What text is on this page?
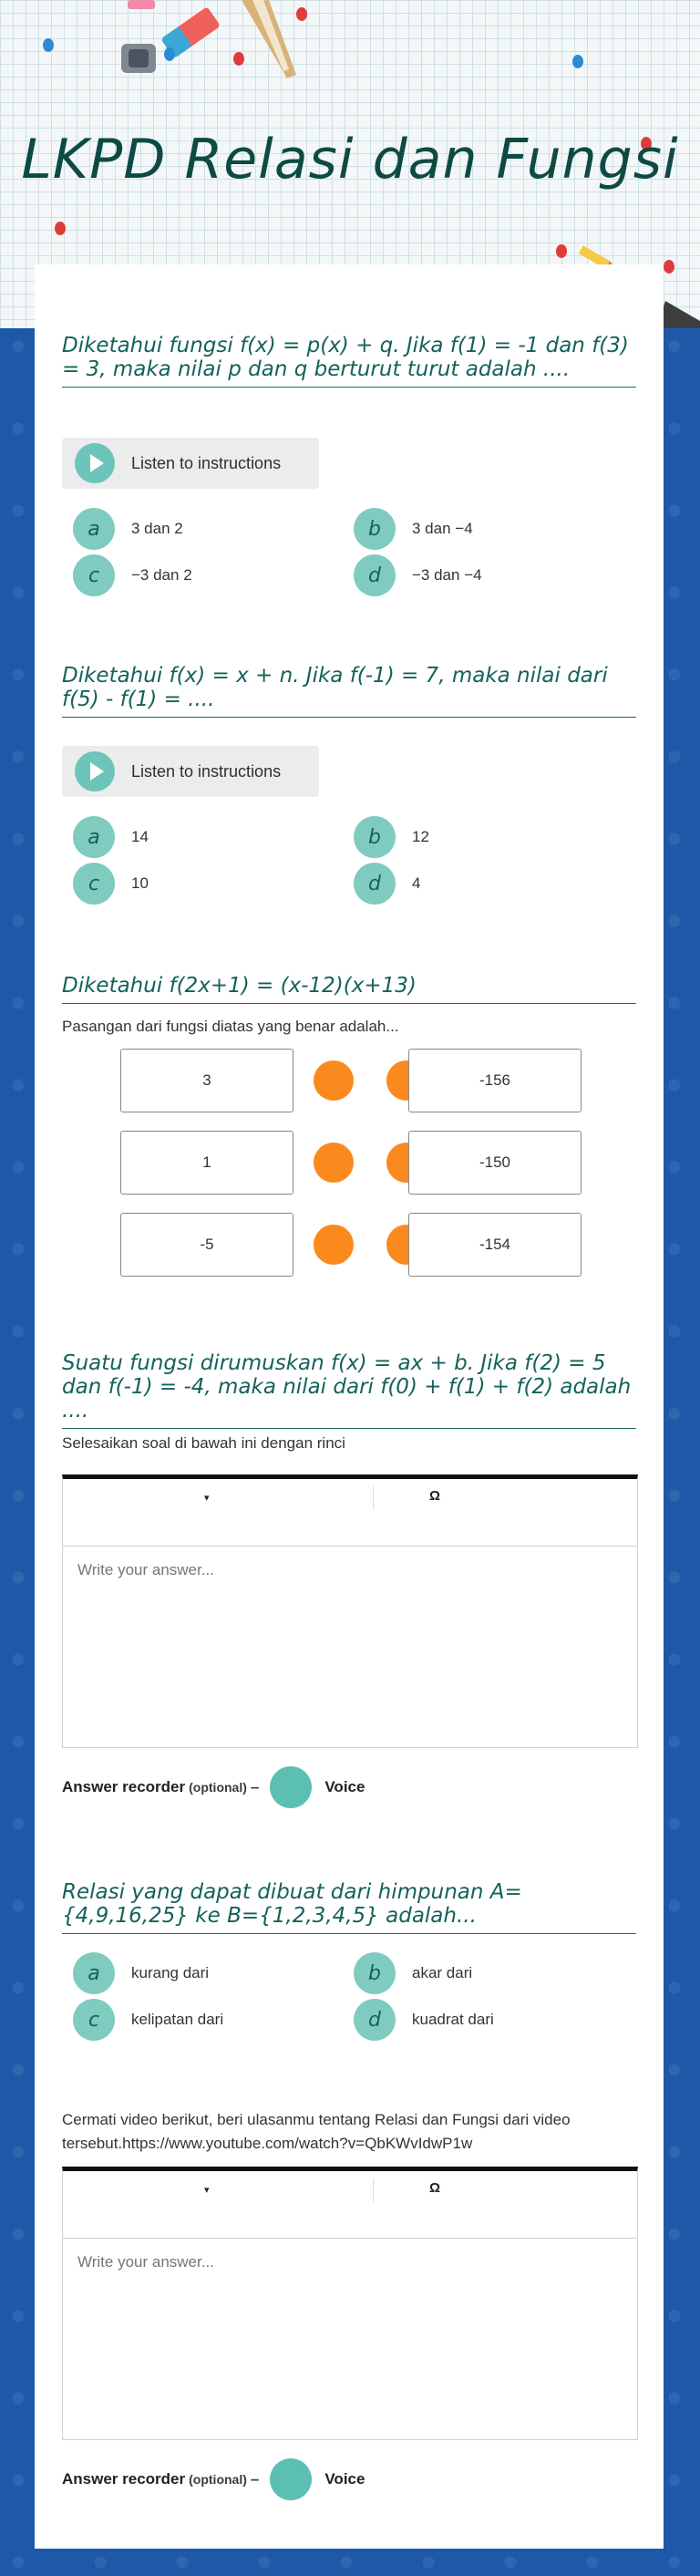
LKPD Relasi dan Fungsi
Diketahui fungsi f(x) = p(x) + q. Jika f(1) = -1 dan f(3) = 3, maka nilai p dan q berturut turut adalah ....
Listen to instructions
a	3 dan 2	b	3 dan −4
c	−3 dan 2	d	−3 dan −4
Diketahui f(x) = x + n. Jika f(-1) = 7, maka nilai dari f(5) - f(1) = ....
Listen to instructions
a	14	b	12
c	10	d	4
Diketahui f(2x+1) = (x-12)(x+13)
Pasangan dari fungsi diatas yang benar adalah...
3	-156
1	-150
-5	-154
Suatu fungsi dirumuskan f(x) = ax + b. Jika f(2) = 5 dan f(-1) = -4, maka nilai dari f(0) + f(1) + f(2) adalah ....
Selesaikan soal di bawah ini dengan rinci
▾	Ω
Write your answer...
Answer recorder (optional) –	Voice
Relasi yang dapat dibuat dari himpunan A={4,9,16,25} ke B={1,2,3,4,5} adalah...
a	kurang dari	b	akar dari
c	kelipatan dari	d	kuadrat dari
Cermati video berikut, beri ulasanmu tentang Relasi dan Fungsi dari video tersebut.https://www.youtube.com/watch?v=QbKWvIdwP1w
▾	Ω
Write your answer...
Answer recorder (optional) –	Voice
